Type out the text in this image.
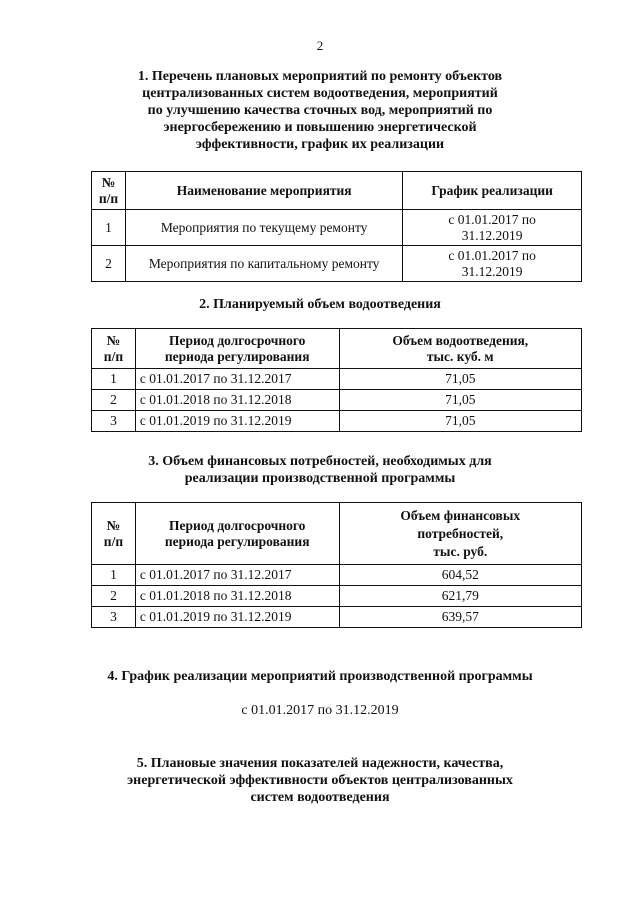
2
1. Перечень плановых мероприятий по ремонту объектов
централизованных систем водоотведения, мероприятий
по улучшению качества сточных вод, мероприятий по
энергосбережению и повышению энергетической
эффективности, график их реализации
№
п/п	Наименование мероприятия	График реализации
1	Мероприятия по текущему ремонту	с 01.01.2017 по
31.12.2019

2	Мероприятия по капитальному ремонту	с 01.01.2017 по
31.12.2019
2. Планируемый объем водоотведения
№
п/п	Период долгосрочного
периода регулирования	Объем водоотведения,
тыс. куб. м

1	с 01.01.2017 по 31.12.2017	71,05
2	с 01.01.2018 по 31.12.2018	71,05
3	с 01.01.2019 по 31.12.2019	71,05
3. Объем финансовых потребностей, необходимых для
реализации производственной программы
№
п/п	Период долгосрочного
периода регулирования	Объем финансовых
потребностей,
тыс. руб.

1	с 01.01.2017 по 31.12.2017	604,52
2	с 01.01.2018 по 31.12.2018	621,79
3	с 01.01.2019 по 31.12.2019	639,57
4. График реализации мероприятий производственной программы
с 01.01.2017 по 31.12.2019
5. Плановые значения показателей надежности, качества,
энергетической эффективности объектов централизованных
систем водоотведения
